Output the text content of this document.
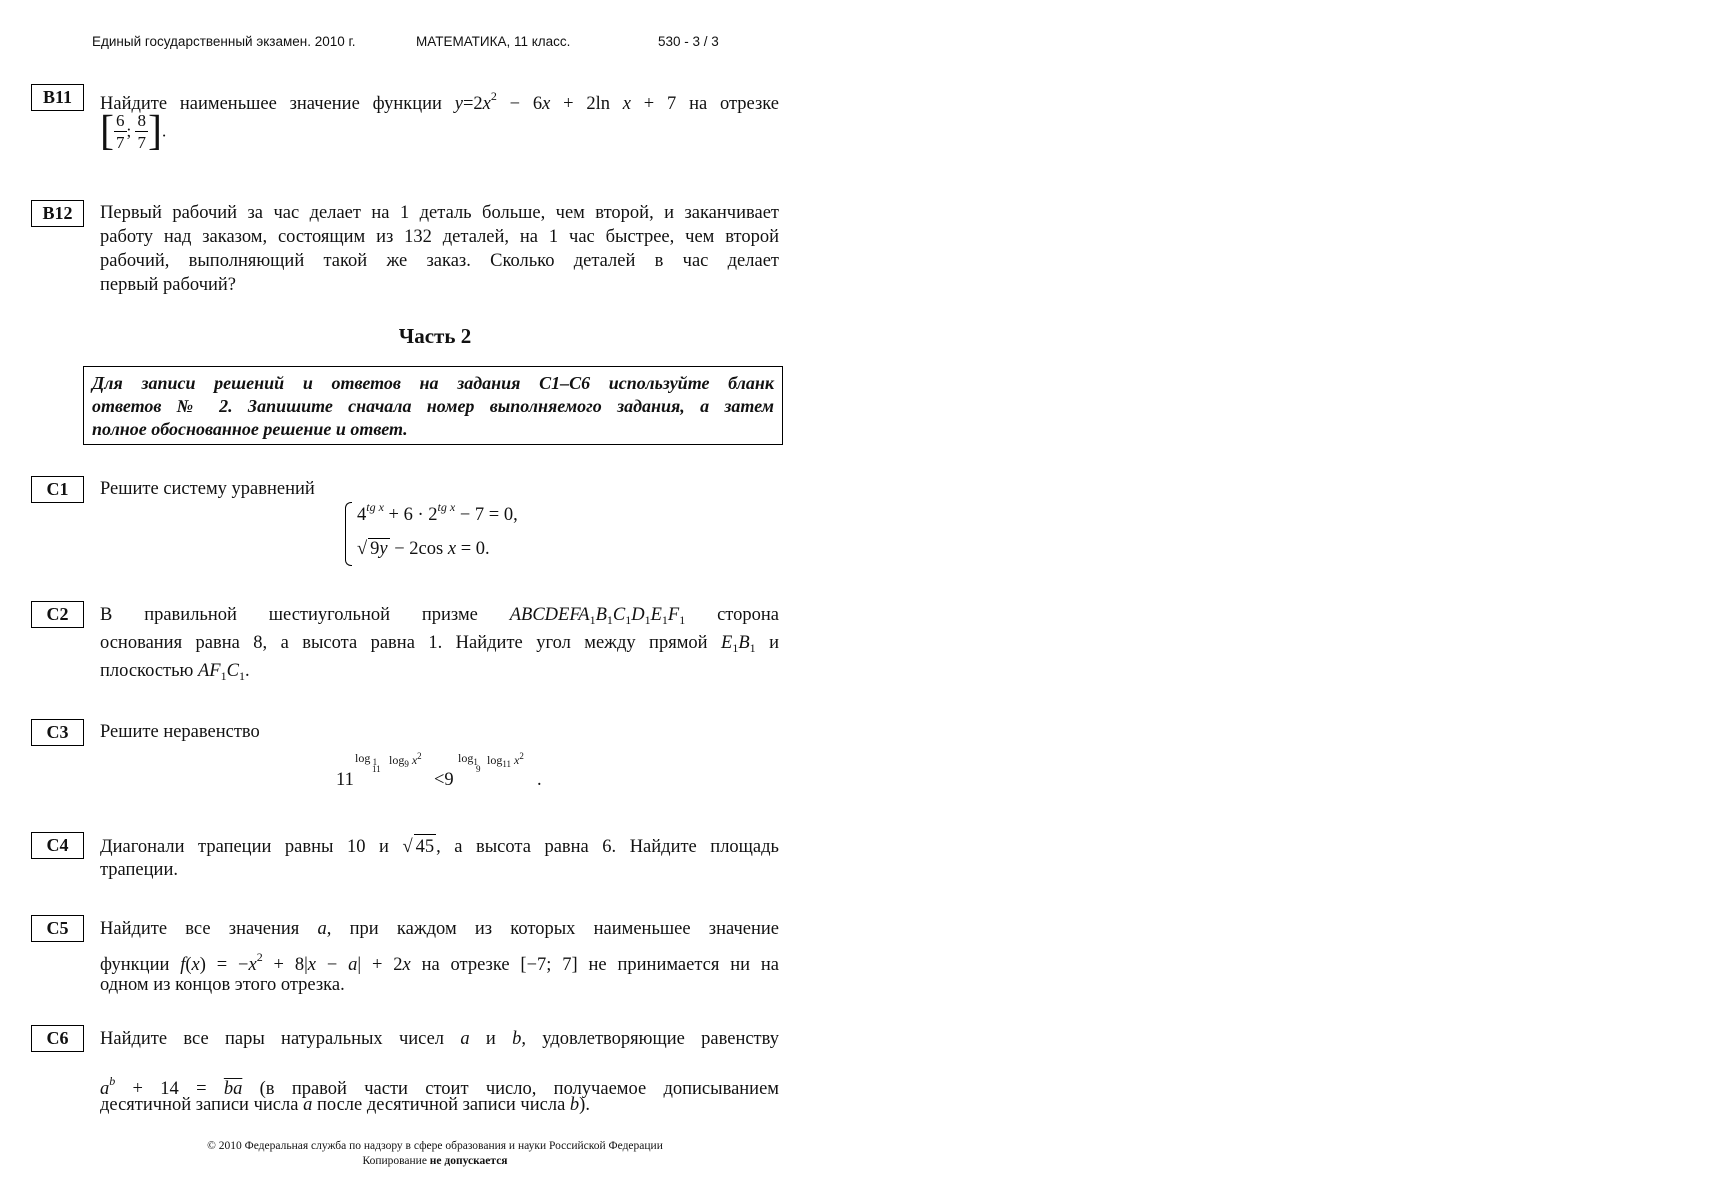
Единый государственный экзамен. 2010 г.	МАТЕМАТИКА, 11 класс.	530 - 3 / 3
B11	Найдите наименьшее значение функции $y=2x^2 - 6x + 2\ln$ x + 7 на отрезке
[ $\frac{6}{7}$ ; $\frac{8}{7}$ ].
B12	Первый рабочий за час делает на 1 деталь больше, чем второй, и заканчивает
работу над заказом, состоящим из 132 деталей, на 1 час быстрее, чем второй
рабочий, выполняющий такой же заказ. Сколько деталей в час делает
первый рабочий?
Часть 2
Для записи решений и ответов на задания С1–С6 используйте бланк
ответов № 2. Запишите сначала номер выполняемого задания, а затем
полное обоснованное решение и ответ.
С1	Решите систему уравнений
$4^{tg x} + 6 \cdot 2^{tg x} - 7 = 0$,
√ 9y − 2cos x = 0.
С2	В правильной шестиугольной призме $ABCDEFA_1B_1C_1D_1E_1F_1$ сторона
основания равна 8, а высота равна 1. Найдите угол между прямой $E_1B_1$ и
плоскостью $AF_1C_1$.
С3	Решите неравенство
11
log $_1$
11
$\log_9 x^2$
<9
$\log_1$
9
$\log_{11} x^2$
.
С4	Диагонали трапеции равны 10 и √ 45 , а высота равна 6. Найдите площадь
трапеции.
С5	Найдите все значения a, при каждом из которых наименьшее значение
функции $f(x) = -x^2 + 8|x - a| + 2x$ на отрезке [−7; 7] не принимается ни на
одном из концов этого отрезка.
С6	Найдите все пары натуральных чисел a и b, удовлетворяющие равенству
$a^b + 14 = \overline{ba}$ (в правой части стоит число, получаемое дописыванием
десятичной записи числа a после десятичной записи числа b).
© 2010 Федеральная служба по надзору в сфере образования и науки Российской Федерации
Копирование не допускается
